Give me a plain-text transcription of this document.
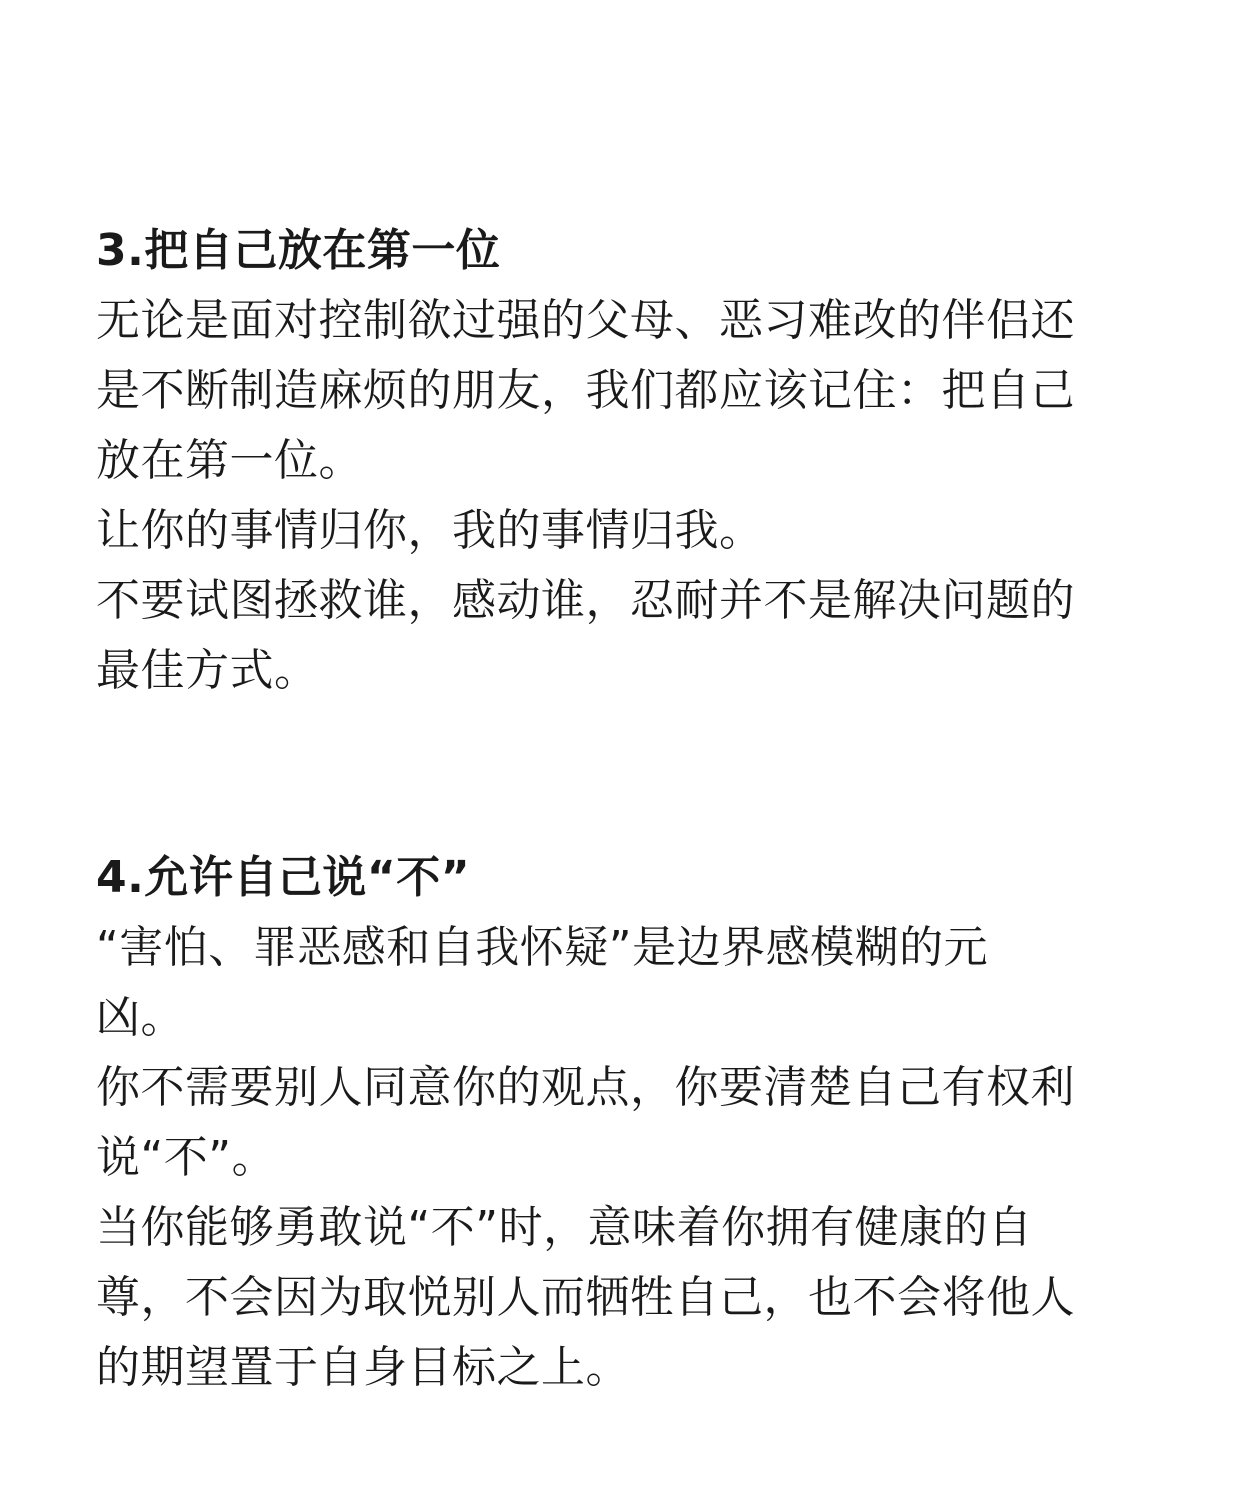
3.把自己放在第一位
无论是面对控制欲过强的父母、恶习难改的伴侣还
是不断制造麻烦的朋友，我们都应该记住：把自己
放在第一位。
让你的事情归你，我的事情归我。
不要试图拯救谁，感动谁，忍耐并不是解决问题的
最佳方式。
4.允许自己说“不”
“害怕、罪恶感和自我怀疑”是边界感模糊的元
凶。
你不需要别人同意你的观点，你要清楚自己有权利
说“不”。
当你能够勇敢说“不”时，意味着你拥有健康的自
尊，不会因为取悦别人而牺牲自己，也不会将他人
的期望置于自身目标之上。
